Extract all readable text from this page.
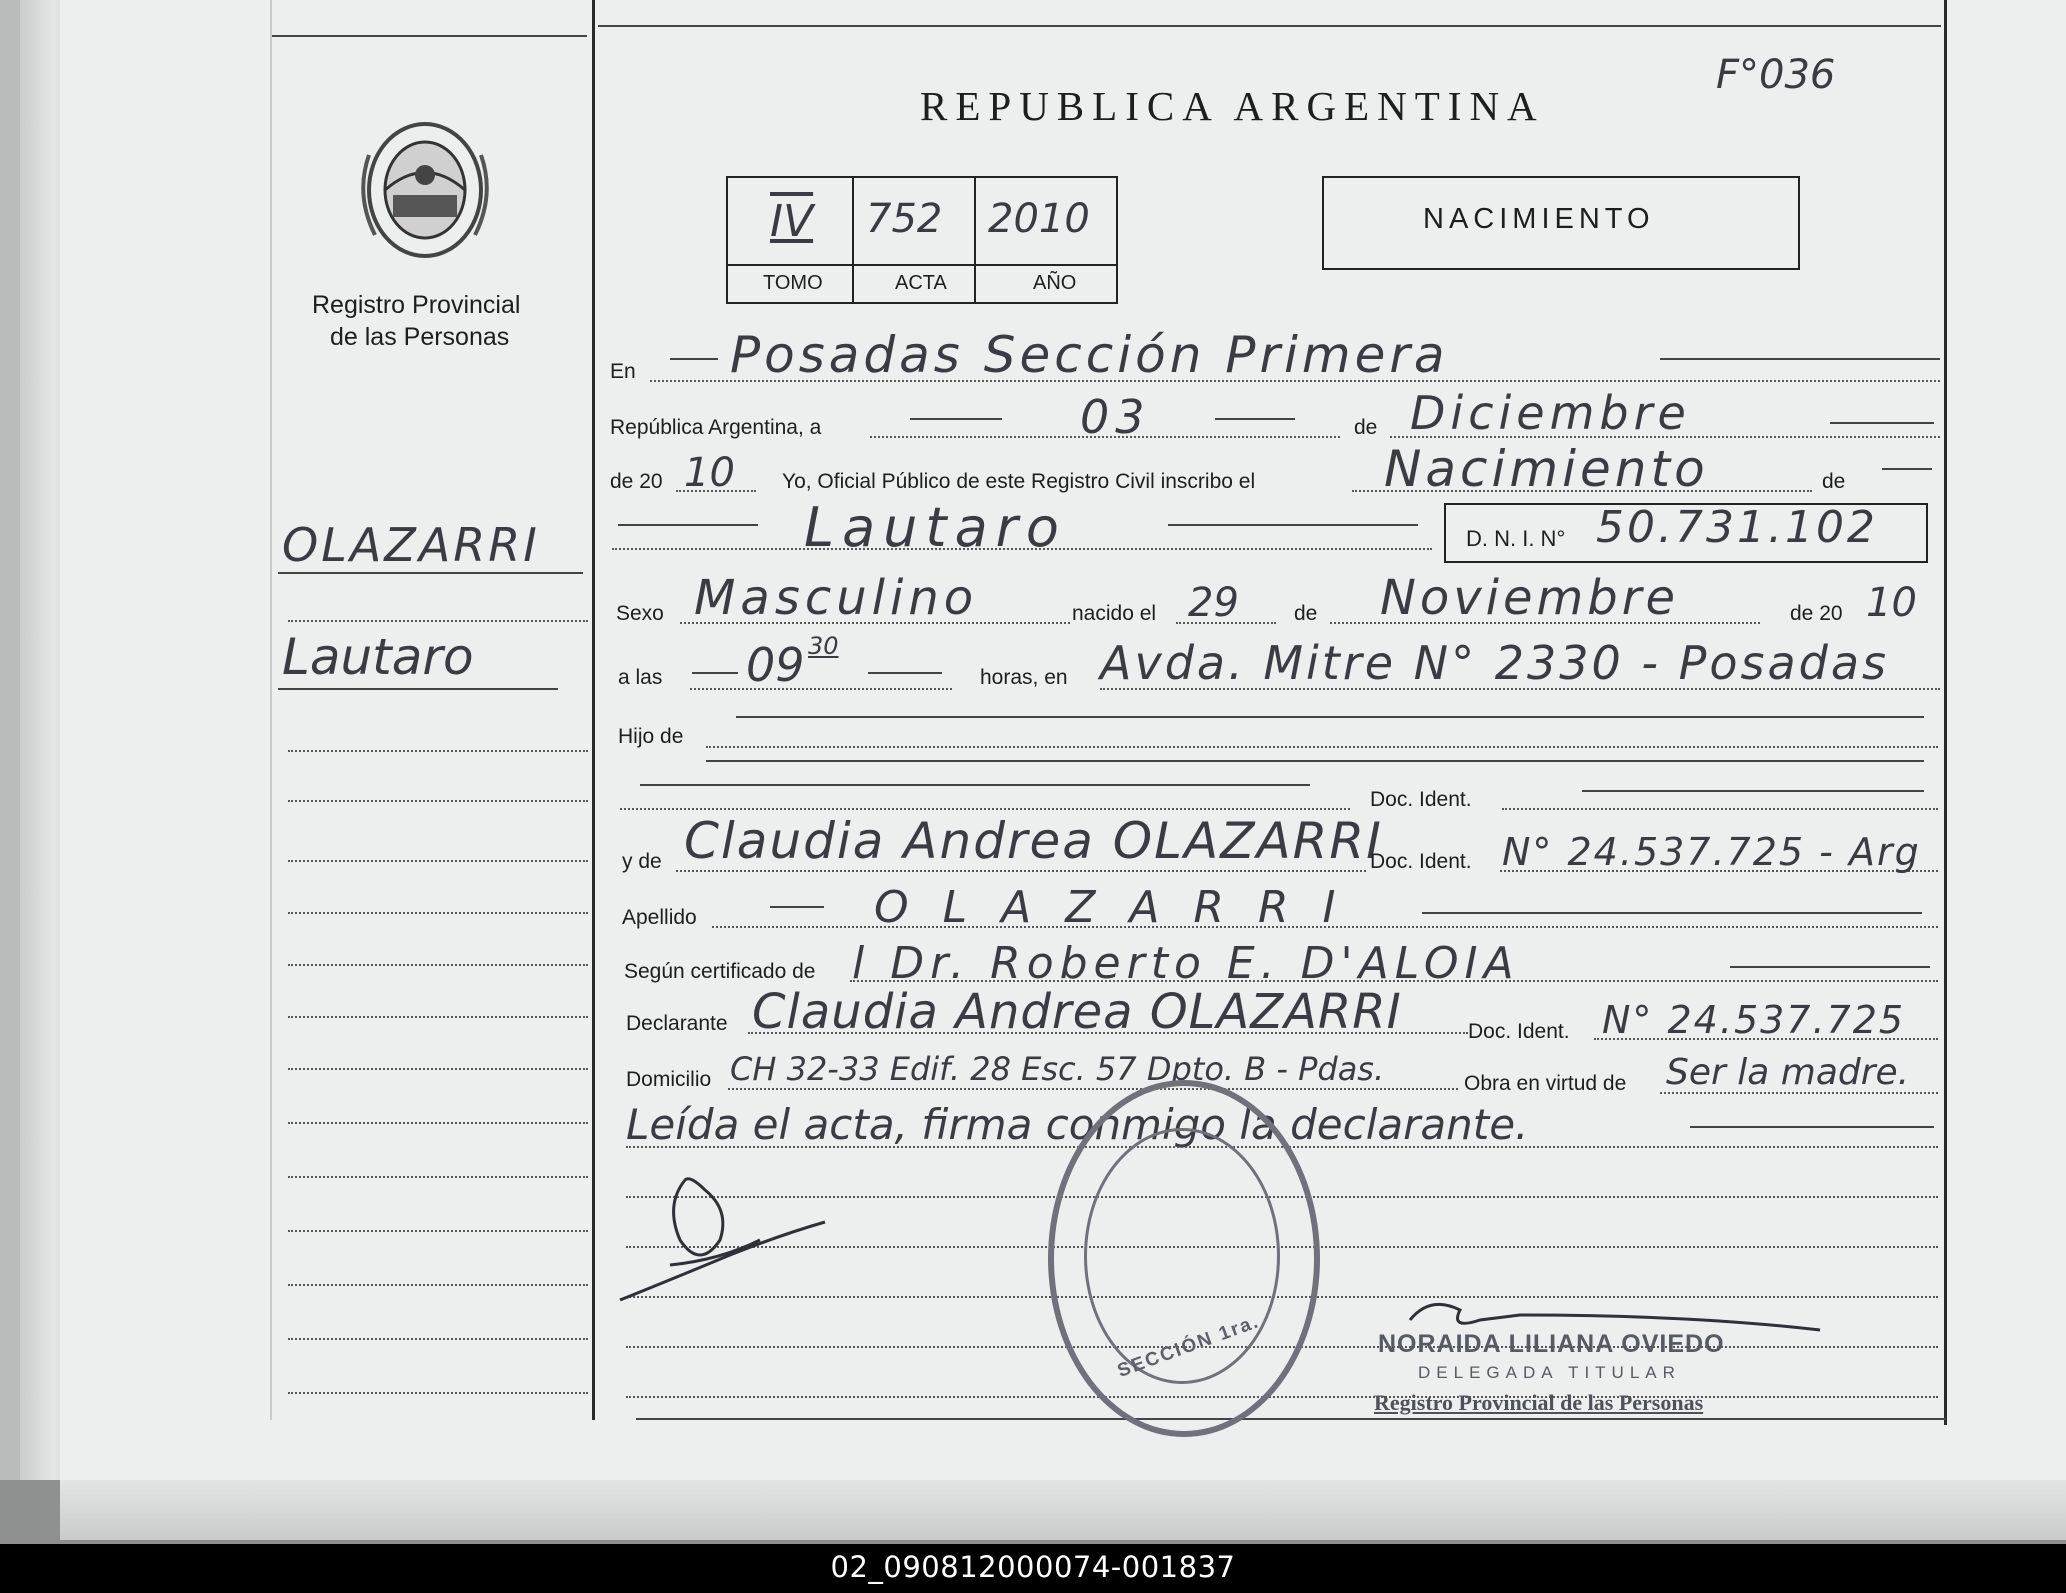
Registro Provincial
de las Personas
OLAZARRI
Lautaro
REPUBLICA ARGENTINA
F°036
IV 752 2010
TOMO	ACTA	AÑO
NACIMIENTO
En Posadas Sección Primera
República Argentina, a	03	de Diciembre
de 20 10 Yo, Oficial Público de este Registro Civil inscribo el	Nacimiento	de
Lautaro	D. N. I. N° 50.731.102
Sexo Masculino	nacido el 29	de Noviembre	de 20 10
a las 09 30
horas, en Avda. Mitre N° 2330 - Posadas
Hijo de
Doc. Ident.
y de Claudia Andrea OLAZARRI
Doc. Ident. N° 24.537.725 - Arg
Apellido	O L A Z A R R I
Según certificado de l Dr. Roberto E. D'ALOIA
Declarante Claudia Andrea OLAZARRI	Doc. Ident. N° 24.537.725
Domicilio CH 32-33 Edif. 28 Esc. 57 Dpto. B - Pdas.	Obra en virtud de Ser la madre.
Leída el acta, firma conmigo la declarante.
SECCIÓN 1ra.	NORAIDA LILIANA OVIEDO
DELEGADA TITULAR
Registro Provincial de las Personas
02_090812000074-001837
